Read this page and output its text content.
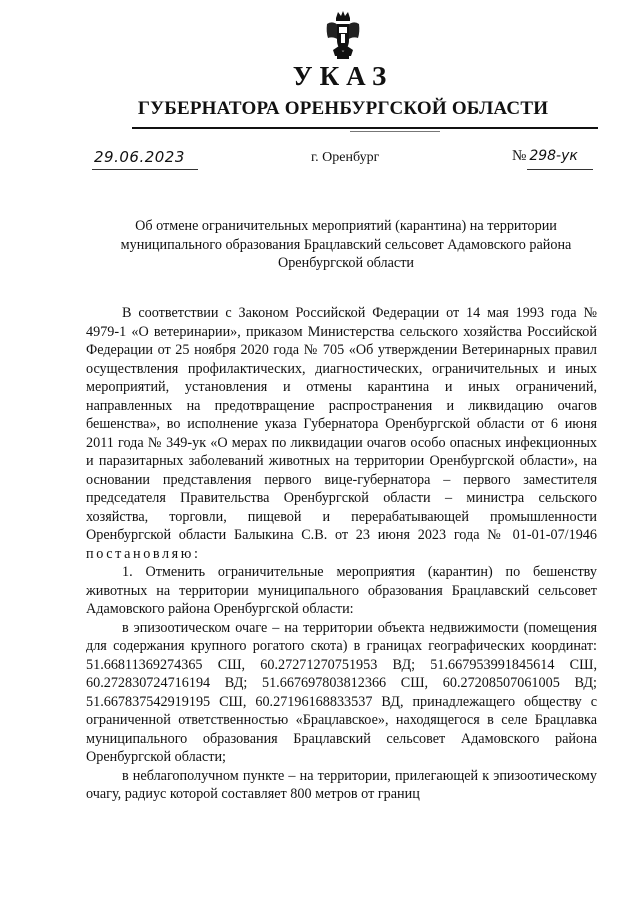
УКАЗ
ГУБЕРНАТОРА ОРЕНБУРГСКОЙ ОБЛАСТИ
29.06.2023	г. Оренбург	№ 298-ук
Об отмене ограничительных мероприятий (карантина) на территории муниципального образования Брацлавский сельсовет Адамовского района Оренбургской области

В соответствии с Законом Российской Федерации от 14 мая 1993 года № 4979-1 «О ветеринарии», приказом Министерства сельского хозяйства Российской Федерации от 25 ноября 2020 года № 705 «Об утверждении Ветеринарных правил осуществления профилактических, диагностических, ограничительных и иных мероприятий, установления и отмены карантина и иных ограничений, направленных на предотвращение распространения и ликвидацию очагов бешенства», во исполнение указа Губернатора Оренбургской области от 6 июня 2011 года № 349-ук «О мерах по ликвидации очагов особо опасных инфекционных и паразитарных заболеваний животных на территории Оренбургской области», на основании представления первого вице-губернатора – первого заместителя председателя Правительства Оренбургской области – министра сельского хозяйства, торговли, пищевой и перерабатывающей промышленности Оренбургской области Балыкина С.В. от 23 июня 2023 года № 01-01-07/1946 постановляю:

1. Отменить ограничительные мероприятия (карантин) по бешенству животных на территории муниципального образования Брацлавский сельсовет Адамовского района Оренбургской области:

в эпизоотическом очаге – на территории объекта недвижимости (помещения для содержания крупного рогатого скота) в границах географических координат: 51.66811369274365 СШ, 60.27271270751953 ВД; 51.667953991845614 СШ, 60.272830724716194 ВД; 51.667697803812366 СШ, 60.27208507061005 ВД; 51.667837542919195 СШ, 60.27196168833537 ВД, принадлежащего обществу с ограниченной ответственностью «Брацлавское», находящегося в селе Брацлавка муниципального образования Брацлавский сельсовет Адамовского района Оренбургской области;

в неблагополучном пункте – на территории, прилегающей к эпизоотическому очагу, радиус которой составляет 800 метров от границ
